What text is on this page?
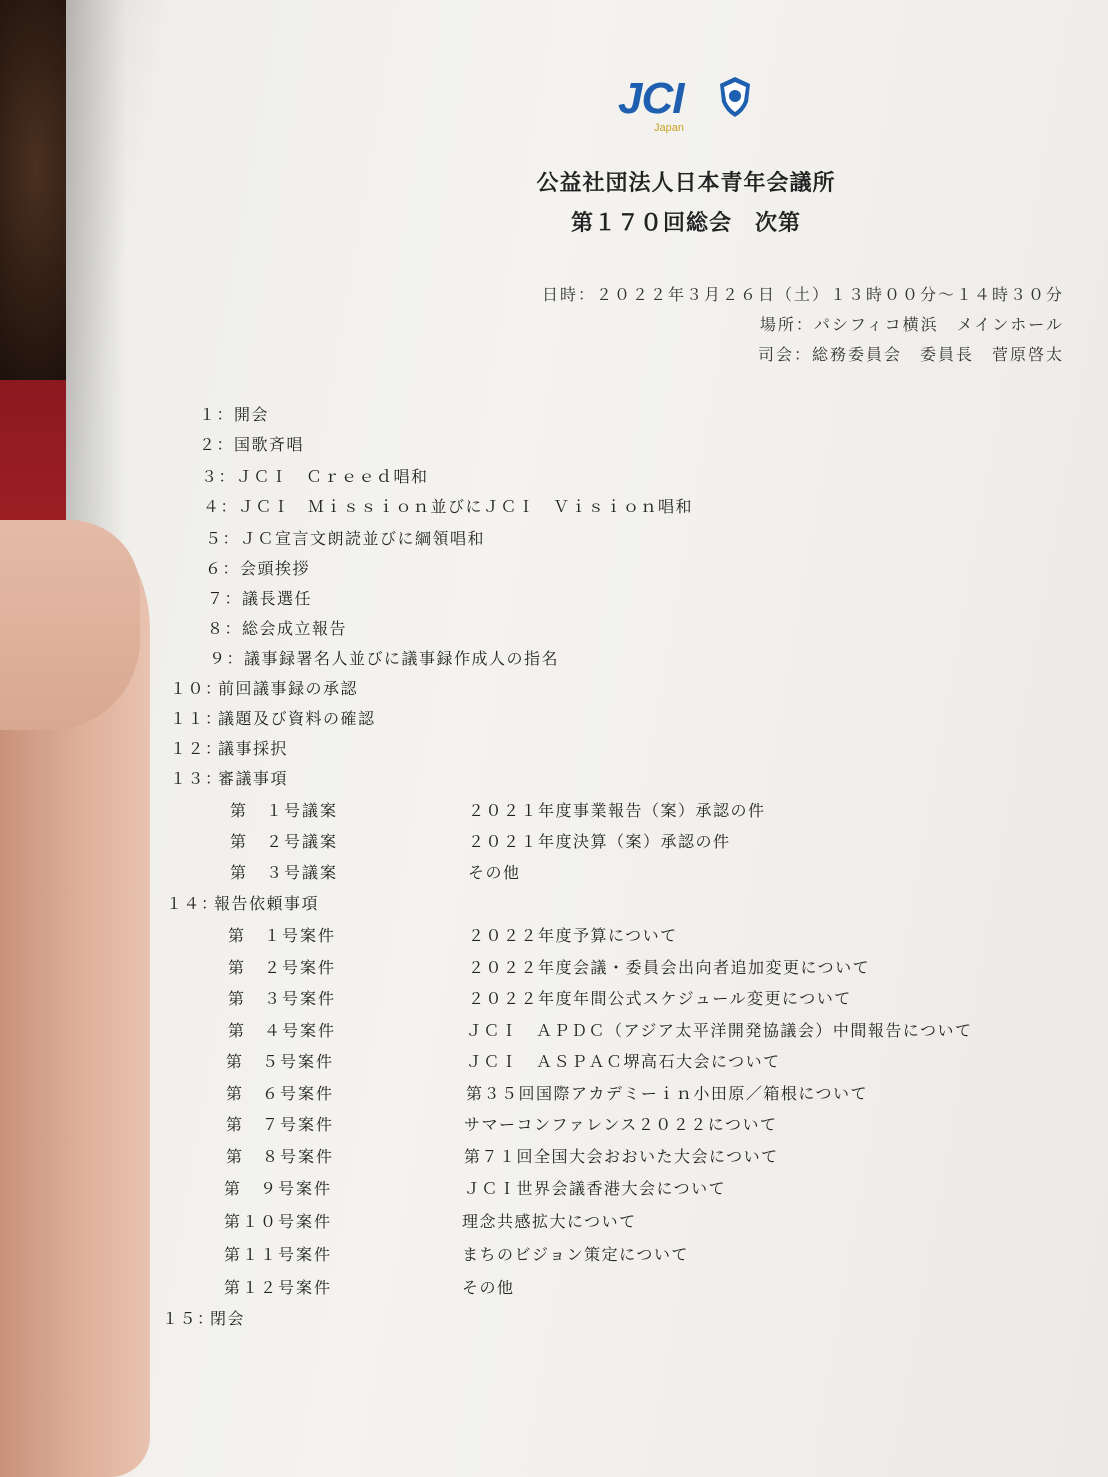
JCI
Japan
公益社団法人日本青年会議所
第１７０回総会　次第
日時：２０２２年３月２６日（土）１３時００分～１４時３０分
場所：パシフィコ横浜　メインホール
司会：総務委員会　委員長　菅原啓太
１：開会
２：国歌斉唱
３：ＪＣＩ　Ｃｒｅｅｄ唱和
４：ＪＣＩ　Ｍｉｓｓｉｏｎ並びにＪＣＩ　Ｖｉｓｉｏｎ唱和
５：ＪＣ宣言文朗読並びに綱領唱和
６：会頭挨拶
７：議長選任
８：総会成立報告
９：議事録署名人並びに議事録作成人の指名
１０：前回議事録の承認
１１：議題及び資料の確認
１２：議事採択
１３：審議事項
第　１号議案	２０２１年度事業報告（案）承認の件
第　２号議案	２０２１年度決算（案）承認の件
第　３号議案	その他
１４：報告依頼事項
第　１号案件	２０２２年度予算について
第　２号案件	２０２２年度会議・委員会出向者追加変更について
第　３号案件	２０２２年度年間公式スケジュール変更について
第　４号案件	ＪＣＩ　ＡＰＤＣ（アジア太平洋開発協議会）中間報告について
第　５号案件	ＪＣＩ　ＡＳＰＡＣ堺高石大会について
第　６号案件	第３５回国際アカデミーｉｎ小田原／箱根について
第　７号案件	サマーコンファレンス２０２２について
第　８号案件	第７１回全国大会おおいた大会について
第　９号案件	ＪＣＩ世界会議香港大会について
第１０号案件	理念共感拡大について
第１１号案件	まちのビジョン策定について
第１２号案件	その他
１５：閉会
